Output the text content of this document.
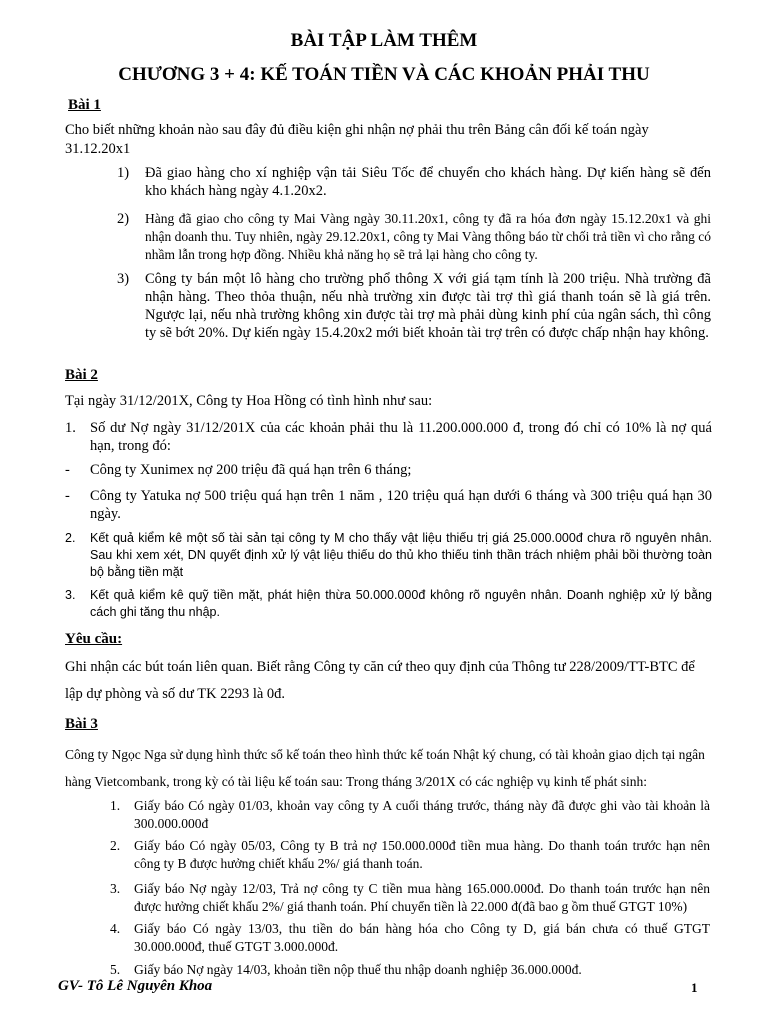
BÀI TẬP LÀM THÊM
CHƯƠNG 3 + 4: KẾ TOÁN TIỀN VÀ CÁC KHOẢN PHẢI THU
Bài 1
Cho biết những khoản nào sau đây đủ điều kiện ghi nhận nợ phải thu trên Bảng cân đối kế toán ngày 31.12.20x1
1) Đã giao hàng cho xí nghiệp vận tải Siêu Tốc để chuyển cho khách hàng. Dự kiến hàng sẽ đến kho khách hàng ngày 4.1.20x2.
2) Hàng đã giao cho công ty Mai Vàng ngày 30.11.20x1, công ty đã ra hóa đơn ngày 15.12.20x1 và ghi nhận doanh thu. Tuy nhiên, ngày 29.12.20x1, công ty Mai Vàng thông báo từ chối trả tiền vì cho rằng có nhầm lẫn trong hợp đồng. Nhiều khả năng họ sẽ trả lại hàng cho công ty.
3) Công ty bán một lô hàng cho trường phổ thông X với giá tạm tính là 200 triệu. Nhà trường đã nhận hàng. Theo thỏa thuận, nếu nhà trường xin được tài trợ thì giá thanh toán sẽ là giá trên. Ngược lại, nếu nhà trường không xin được tài trợ mà phải dùng kinh phí của ngân sách, thì công ty sẽ bớt 20%. Dự kiến ngày 15.4.20x2 mới biết khoản tài trợ trên có được chấp nhận hay không.
Bài 2
Tại ngày 31/12/201X, Công ty Hoa Hồng có tình hình như sau:
1. Số dư Nợ ngày 31/12/201X của các khoản phải thu là 11.200.000.000 đ, trong đó chỉ có 10% là nợ quá hạn, trong đó:
- Công ty Xunimex nợ 200 triệu đã quá hạn trên 6 tháng;
- Công ty Yatuka nợ 500 triệu quá hạn trên 1 năm , 120 triệu quá hạn dưới 6 tháng và 300 triệu quá hạn 30 ngày.
2. Kết quả kiểm kê một số tài sản tại công ty M cho thấy vật liệu thiếu trị giá 25.000.000đ chưa rõ nguyên nhân. Sau khi xem xét, DN quyết định xử lý vật liệu thiếu do thủ kho thiếu tinh thần trách nhiệm phải bồi thường toàn bộ bằng tiền mặt
3. Kết quả kiểm kê quỹ tiền mặt, phát hiện thừa 50.000.000đ không rõ nguyên nhân. Doanh nghiệp xử lý bằng cách ghi tăng thu nhập.
Yêu cầu:
Ghi nhận các bút toán liên quan. Biết rằng Công ty căn cứ theo quy định của Thông tư 228/2009/TT-BTC để lập dự phòng và số dư TK 2293 là 0đ.
Bài 3
Công ty Ngọc Nga sử dụng hình thức sổ kế toán theo hình thức kế toán Nhật ký chung, có tài khoản giao dịch tại ngân hàng Vietcombank, trong kỳ có tài liệu kế toán sau: Trong tháng 3/201X có các nghiệp vụ kinh tế phát sinh:
1. Giấy báo Có ngày 01/03, khoản vay công ty A cuối tháng trước, tháng này đã được ghi vào tài khoản là 300.000.000đ
2. Giấy báo Có ngày 05/03, Công ty B trả nợ 150.000.000đ tiền mua hàng. Do thanh toán trước hạn nên công ty B được hưởng chiết khấu 2%/ giá thanh toán.
3. Giấy báo Nợ ngày 12/03, Trả nợ công ty C tiền mua hàng 165.000.000đ. Do thanh toán trước hạn nên được hưởng chiết khấu 2%/ giá thanh toán. Phí chuyển tiền là 22.000 đ(đã bao g ồm thuế GTGT 10%)
4. Giấy báo Có ngày 13/03, thu tiền do bán hàng hóa cho Công ty D, giá bán chưa có thuế GTGT 30.000.000đ, thuế GTGT 3.000.000đ.
5. Giấy báo Nợ ngày 14/03, khoản tiền nộp thuế thu nhập doanh nghiệp 36.000.000đ.
GV- Tô Lê Nguyên Khoa	1
